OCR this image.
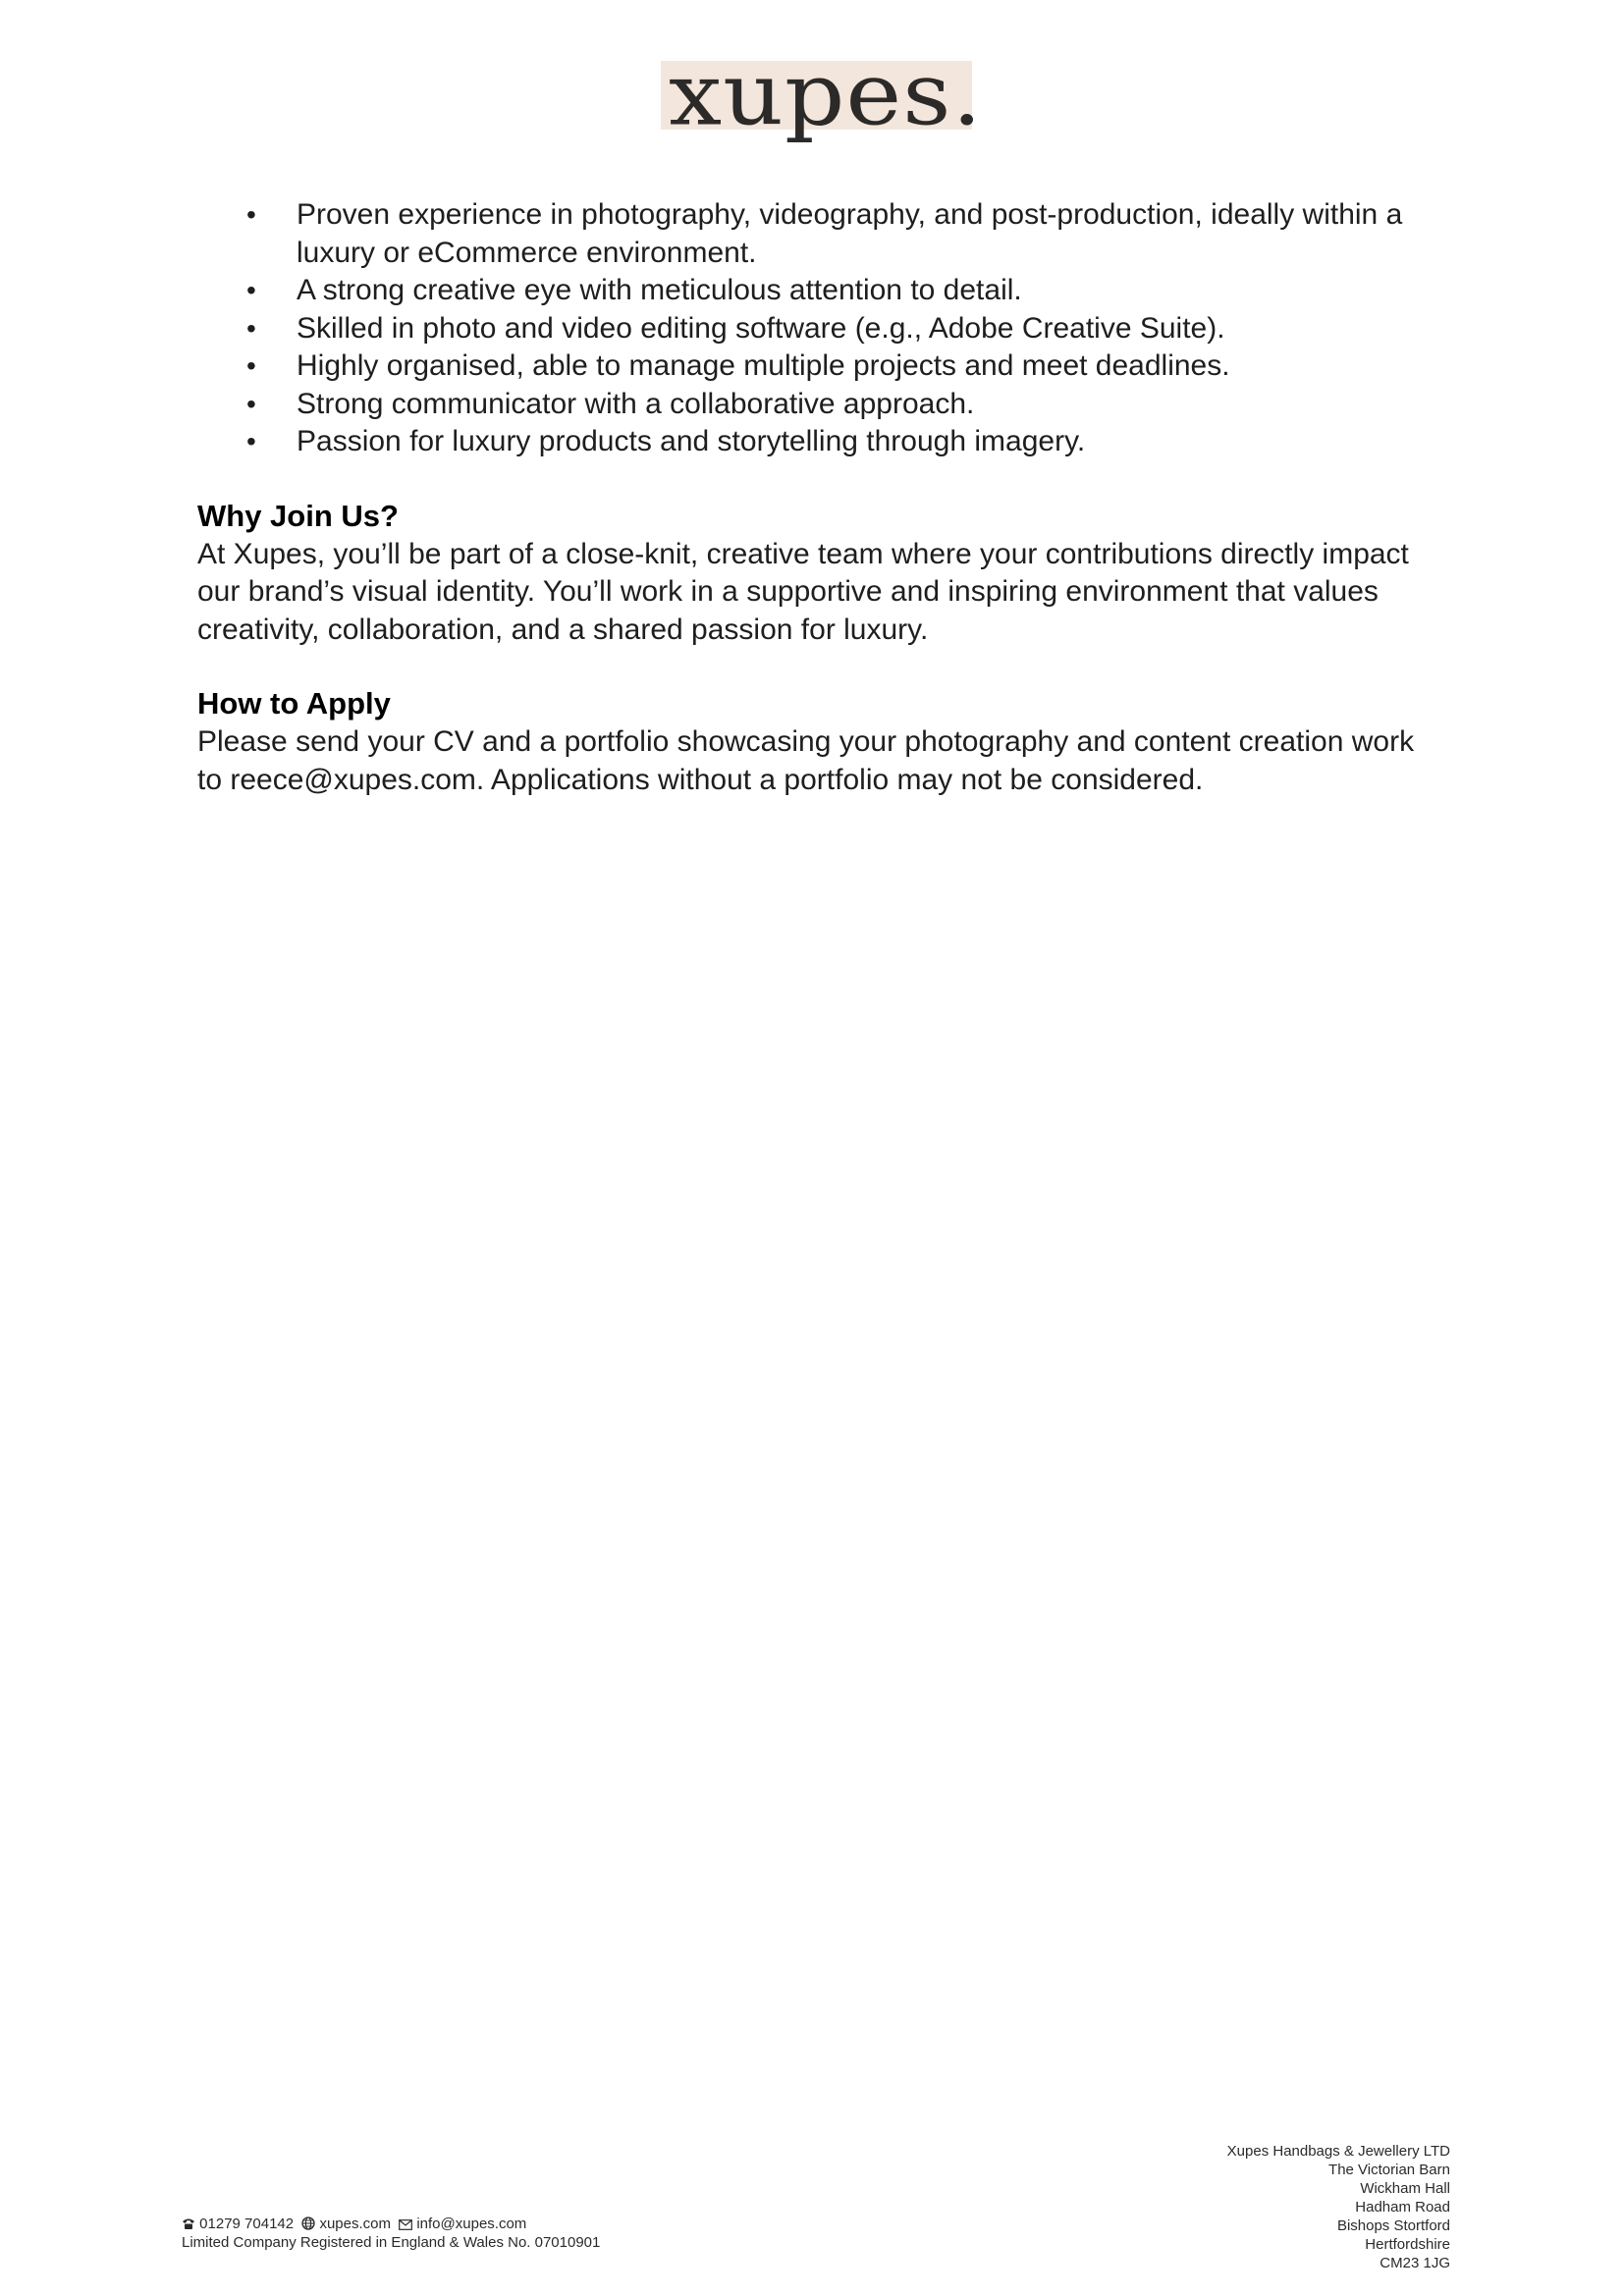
xupes.
• Proven experience in photography, videography, and post-production, ideally within a luxury or eCommerce environment.
• A strong creative eye with meticulous attention to detail.
• Skilled in photo and video editing software (e.g., Adobe Creative Suite).
• Highly organised, able to manage multiple projects and meet deadlines.
• Strong communicator with a collaborative approach.
• Passion for luxury products and storytelling through imagery.
Why Join Us?

At Xupes, you’ll be part of a close-knit, creative team where your contributions directly impact our brand’s visual identity. You’ll work in a supportive and inspiring environment that values creativity, collaboration, and a shared passion for luxury.

How to Apply

Please send your CV and a portfolio showcasing your photography and content creation work to reece@xupes.com. Applications without a portfolio may not be considered.

01279 704142 xupes.com info@xupes.com
Limited Company Registered in England & Wales No. 07010901
Xupes Handbags & Jewellery LTD
The Victorian Barn
Wickham Hall
Hadham Road
Bishops Stortford
Hertfordshire
CM23 1JG
